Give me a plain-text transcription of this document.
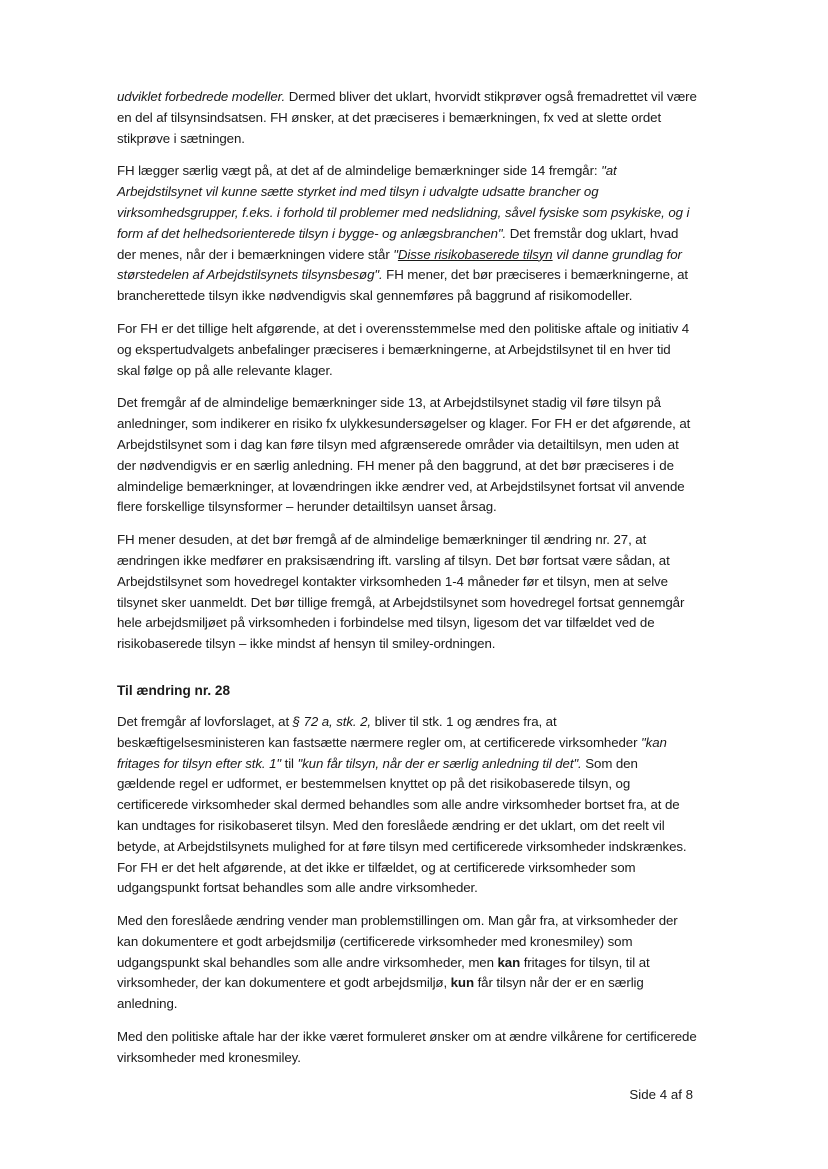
udviklet forbedrede modeller. Dermed bliver det uklart, hvorvidt stikprøver også fremadrettet vil være en del af tilsynsindsatsen. FH ønsker, at det præciseres i bemærkningen, fx ved at slette ordet stikprøve i sætningen.

FH lægger særlig vægt på, at det af de almindelige bemærkninger side 14 fremgår: "at Arbejdstilsynet vil kunne sætte styrket ind med tilsyn i udvalgte udsatte brancher og virksomhedsgrupper, f.eks. i forhold til problemer med nedslidning, såvel fysiske som psykiske, og i form af det helhedsorienterede tilsyn i bygge- og anlægsbranchen". Det fremstår dog uklart, hvad der menes, når der i bemærkningen videre står "Disse risikobaserede tilsyn vil danne grundlag for størstedelen af Arbejdstilsynets tilsynsbesøg". FH mener, det bør præciseres i bemærkningerne, at brancherettede tilsyn ikke nødvendigvis skal gennemføres på baggrund af risikomodeller.

For FH er det tillige helt afgørende, at det i overensstemmelse med den politiske aftale og initiativ 4 og ekspertudvalgets anbefalinger præciseres i bemærkningerne, at Arbejdstilsynet til en hver tid skal følge op på alle relevante klager.

Det fremgår af de almindelige bemærkninger side 13, at Arbejdstilsynet stadig vil føre tilsyn på anledninger, som indikerer en risiko fx ulykkesundersøgelser og klager. For FH er det afgørende, at Arbejdstilsynet som i dag kan føre tilsyn med afgrænserede områder via detailtilsyn, men uden at der nødvendigvis er en særlig anledning. FH mener på den baggrund, at det bør præciseres i de almindelige bemærkninger, at lovændringen ikke ændrer ved, at Arbejdstilsynet fortsat vil anvende flere forskellige tilsynsformer – herunder detailtilsyn uanset årsag.

FH mener desuden, at det bør fremgå af de almindelige bemærkninger til ændring nr. 27, at ændringen ikke medfører en praksisændring ift. varsling af tilsyn. Det bør fortsat være sådan, at Arbejdstilsynet som hovedregel kontakter virksomheden 1-4 måneder før et tilsyn, men at selve tilsynet sker uanmeldt. Det bør tillige fremgå, at Arbejdstilsynet som hovedregel fortsat gennemgår hele arbejdsmiljøet på virksomheden i forbindelse med tilsyn, ligesom det var tilfældet ved de risikobaserede tilsyn – ikke mindst af hensyn til smiley-ordningen.

Til ændring nr. 28

Det fremgår af lovforslaget, at § 72 a, stk. 2, bliver til stk. 1 og ændres fra, at beskæftigelsesministeren kan fastsætte nærmere regler om, at certificerede virksomheder "kan fritages for tilsyn efter stk. 1" til "kun får tilsyn, når der er særlig anledning til det". Som den gældende regel er udformet, er bestemmelsen knyttet op på det risikobaserede tilsyn, og certificerede virksomheder skal dermed behandles som alle andre virksomheder bortset fra, at de kan undtages for risikobaseret tilsyn. Med den foreslåede ændring er det uklart, om det reelt vil betyde, at Arbejdstilsynets mulighed for at føre tilsyn med certificerede virksomheder indskrænkes. For FH er det helt afgørende, at det ikke er tilfældet, og at certificerede virksomheder som udgangspunkt fortsat behandles som alle andre virksomheder.

Med den foreslåede ændring vender man problemstillingen om. Man går fra, at virksomheder der kan dokumentere et godt arbejdsmiljø (certificerede virksomheder med kronesmiley) som udgangspunkt skal behandles som alle andre virksomheder, men kan fritages for tilsyn, til at virksomheder, der kan dokumentere et godt arbejdsmiljø, kun får tilsyn når der er en særlig anledning.

Med den politiske aftale har der ikke været formuleret ønsker om at ændre vilkårene for certificerede virksomheder med kronesmiley.

Side 4 af 8
